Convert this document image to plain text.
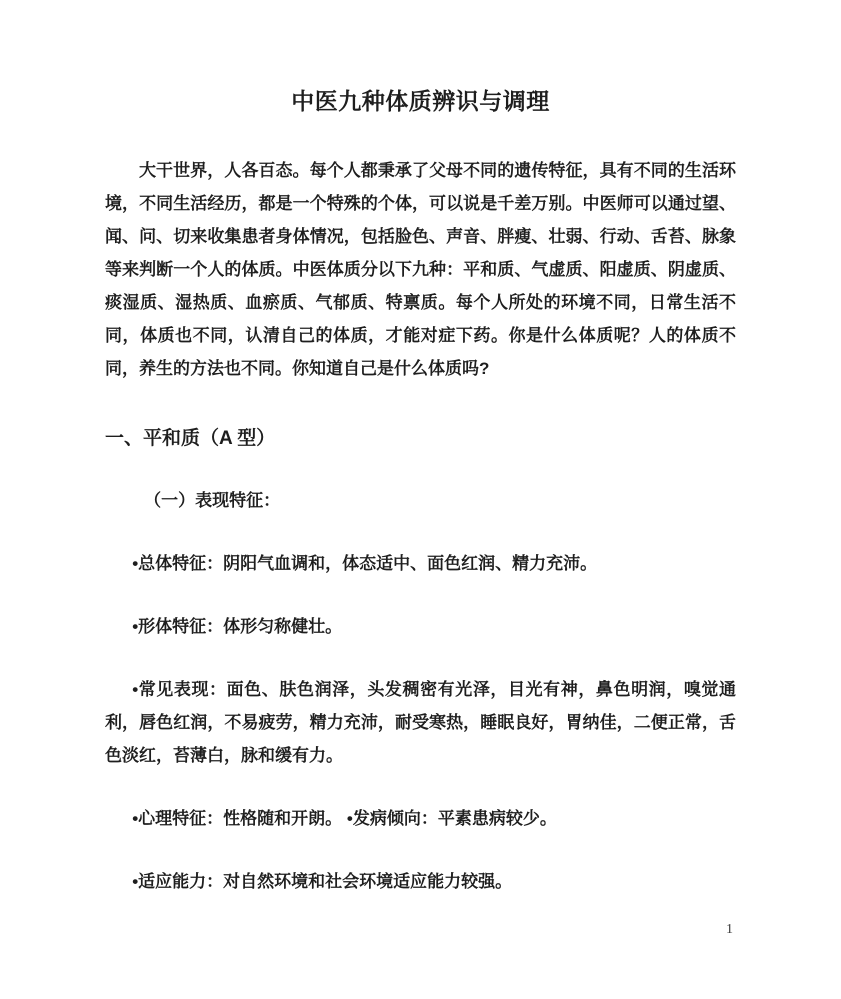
中医九种体质辨识与调理

大干世界，人各百态。每个人都秉承了父母不同的遗传特征，具有不同的生活环境，不同生活经历，都是一个特殊的个体，可以说是千差万别。中医师可以通过望、闻、问、切来收集患者身体情况，包括脸色、声音、胖瘦、壮弱、行动、舌苔、脉象等来判断一个人的体质。中医体质分以下九种：平和质、气虚质、阳虚质、阴虚质、痰湿质、湿热质、血瘀质、气郁质、特禀质。每个人所处的环境不同，日常生活不同，体质也不同，认清自己的体质，才能对症下药。你是什么体质呢？人的体质不同，养生的方法也不同。你知道自己是什么体质吗?

一、平和质（A 型）

（一）表现特征：

•总体特征：阴阳气血调和，体态适中、面色红润、精力充沛。

•形体特征：体形匀称健壮。

•常见表现：面色、肤色润泽，头发稠密有光泽，目光有神，鼻色明润，嗅觉通利，唇色红润，不易疲劳，精力充沛，耐受寒热，睡眠良好，胃纳佳，二便正常，舌色淡红，苔薄白，脉和缓有力。

•心理特征：性格随和开朗。 •发病倾向：平素患病较少。

•适应能力：对自然环境和社会环境适应能力较强。

1
